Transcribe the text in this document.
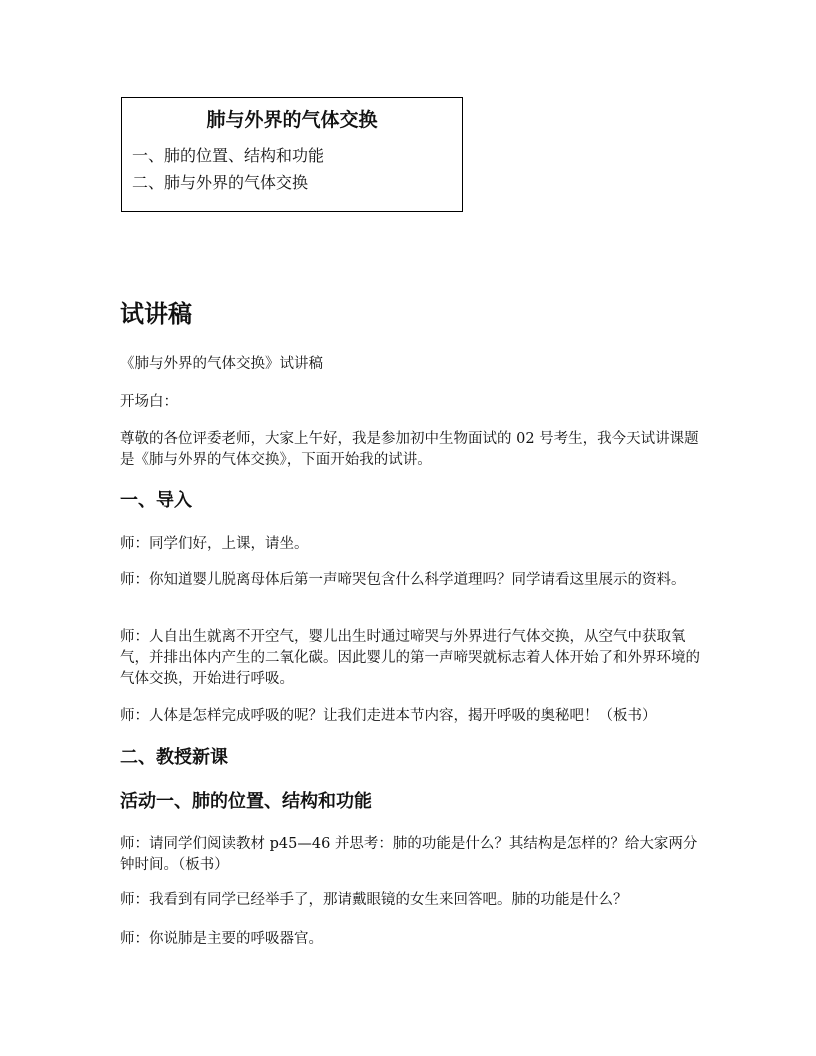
肺与外界的气体交换
一、肺的位置、结构和功能
二、肺与外界的气体交换
试讲稿

《肺与外界的气体交换》试讲稿

开场白：

尊敬的各位评委老师，大家上午好，我是参加初中生物面试的 02 号考生，我今天试讲课题是《肺与外界的气体交换》，下面开始我的试讲。

一、导入

师：同学们好，上课，请坐。

师：你知道婴儿脱离母体后第一声啼哭包含什么科学道理吗？同学请看这里展示的资料。

师：人自出生就离不开空气，婴儿出生时通过啼哭与外界进行气体交换，从空气中获取氧气，并排出体内产生的二氧化碳。因此婴儿的第一声啼哭就标志着人体开始了和外界环境的气体交换，开始进行呼吸。

师：人体是怎样完成呼吸的呢？让我们走进本节内容，揭开呼吸的奥秘吧！（板书）

二、教授新课
活动一、肺的位置、结构和功能

师：请同学们阅读教材 p45—46 并思考：肺的功能是什么？其结构是怎样的？给大家两分钟时间。（板书）

师：我看到有同学已经举手了，那请戴眼镜的女生来回答吧。肺的功能是什么？

师：你说肺是主要的呼吸器官。
